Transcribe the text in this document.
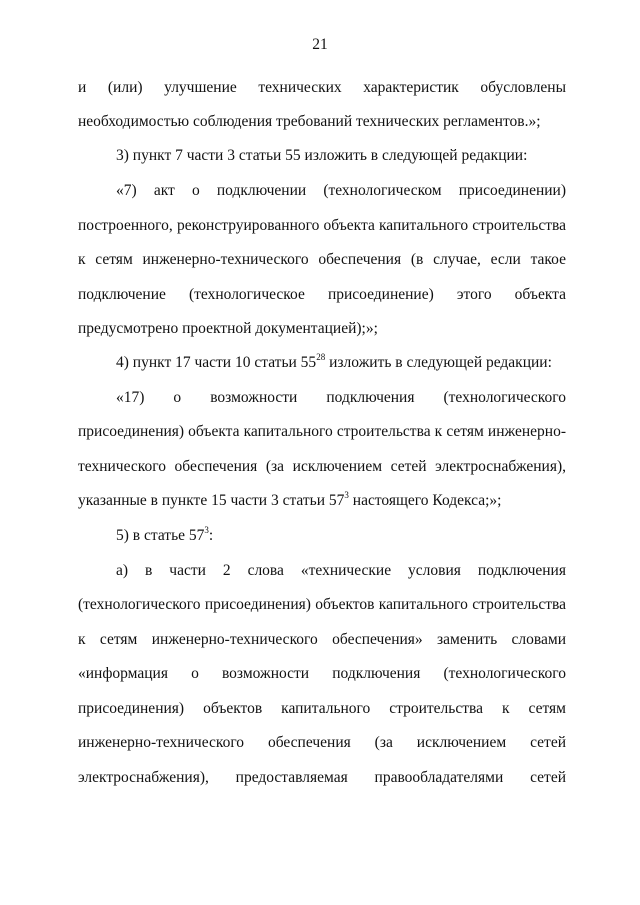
21
и (или) улучшение технических характеристик обусловлены
необходимостью соблюдения требований технических регламентов.»;
3) пункт 7 части 3 статьи 55 изложить в следующей редакции:
«7) акт о подключении (технологическом присоединении)
построенного, реконструированного объекта капитального строительства
к сетям инженерно-технического обеспечения (в случае, если такое
подключение (технологическое присоединение) этого объекта
предусмотрено проектной документацией);»;
4) пункт 17 части 10 статьи $55^{28}$ изложить в следующей редакции:
«17) о возможности подключения (технологического
присоединения) объекта капитального строительства к сетям инженерно-
технического обеспечения (за исключением сетей электроснабжения),
указанные в пункте 15 части 3 статьи $57^3$ настоящего Кодекса;»;
5) в статье $57^3$:
а) в части 2 слова «технические условия подключения
(технологического присоединения) объектов капитального строительства
к сетям инженерно-технического обеспечения» заменить словами
«информация о возможности подключения (технологического
присоединения) объектов капитального строительства к сетям
инженерно-технического обеспечения (за исключением сетей
электроснабжения), предоставляемая правообладателями сетей
